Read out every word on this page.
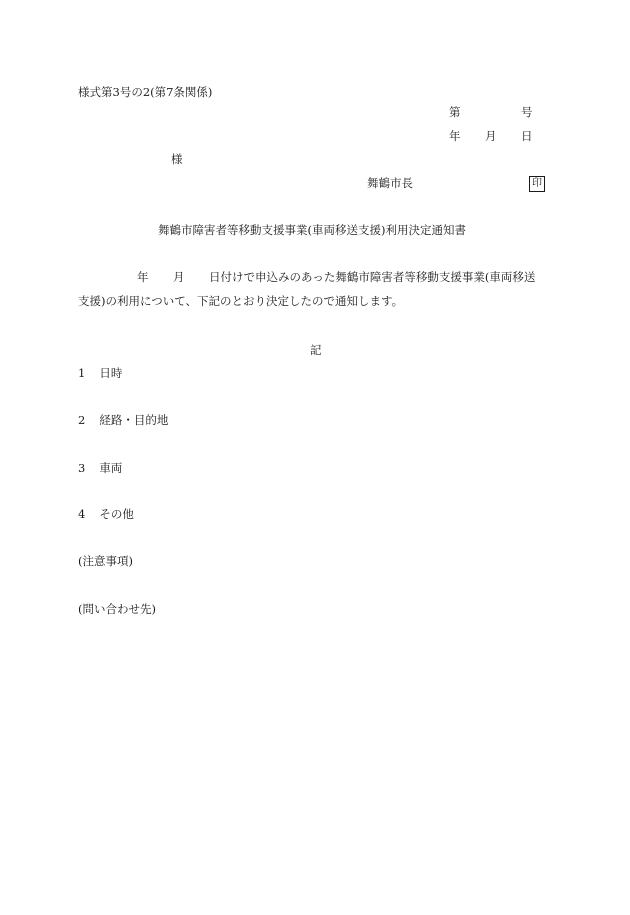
様式第3号の2(第7条関係)
第	号
年 月 日
様
舞鶴市長	印
舞鶴市障害者等移動支援事業(車両移送支援)利用決定通知書
年 月 日付けで申込みのあった舞鶴市障害者等移動支援事業(車両移送
支援)の利用について、下記のとおり決定したので通知します。
記
1 日時
2 経路・目的地
3 車両
4 その他
(注意事項)
(問い合わせ先)
